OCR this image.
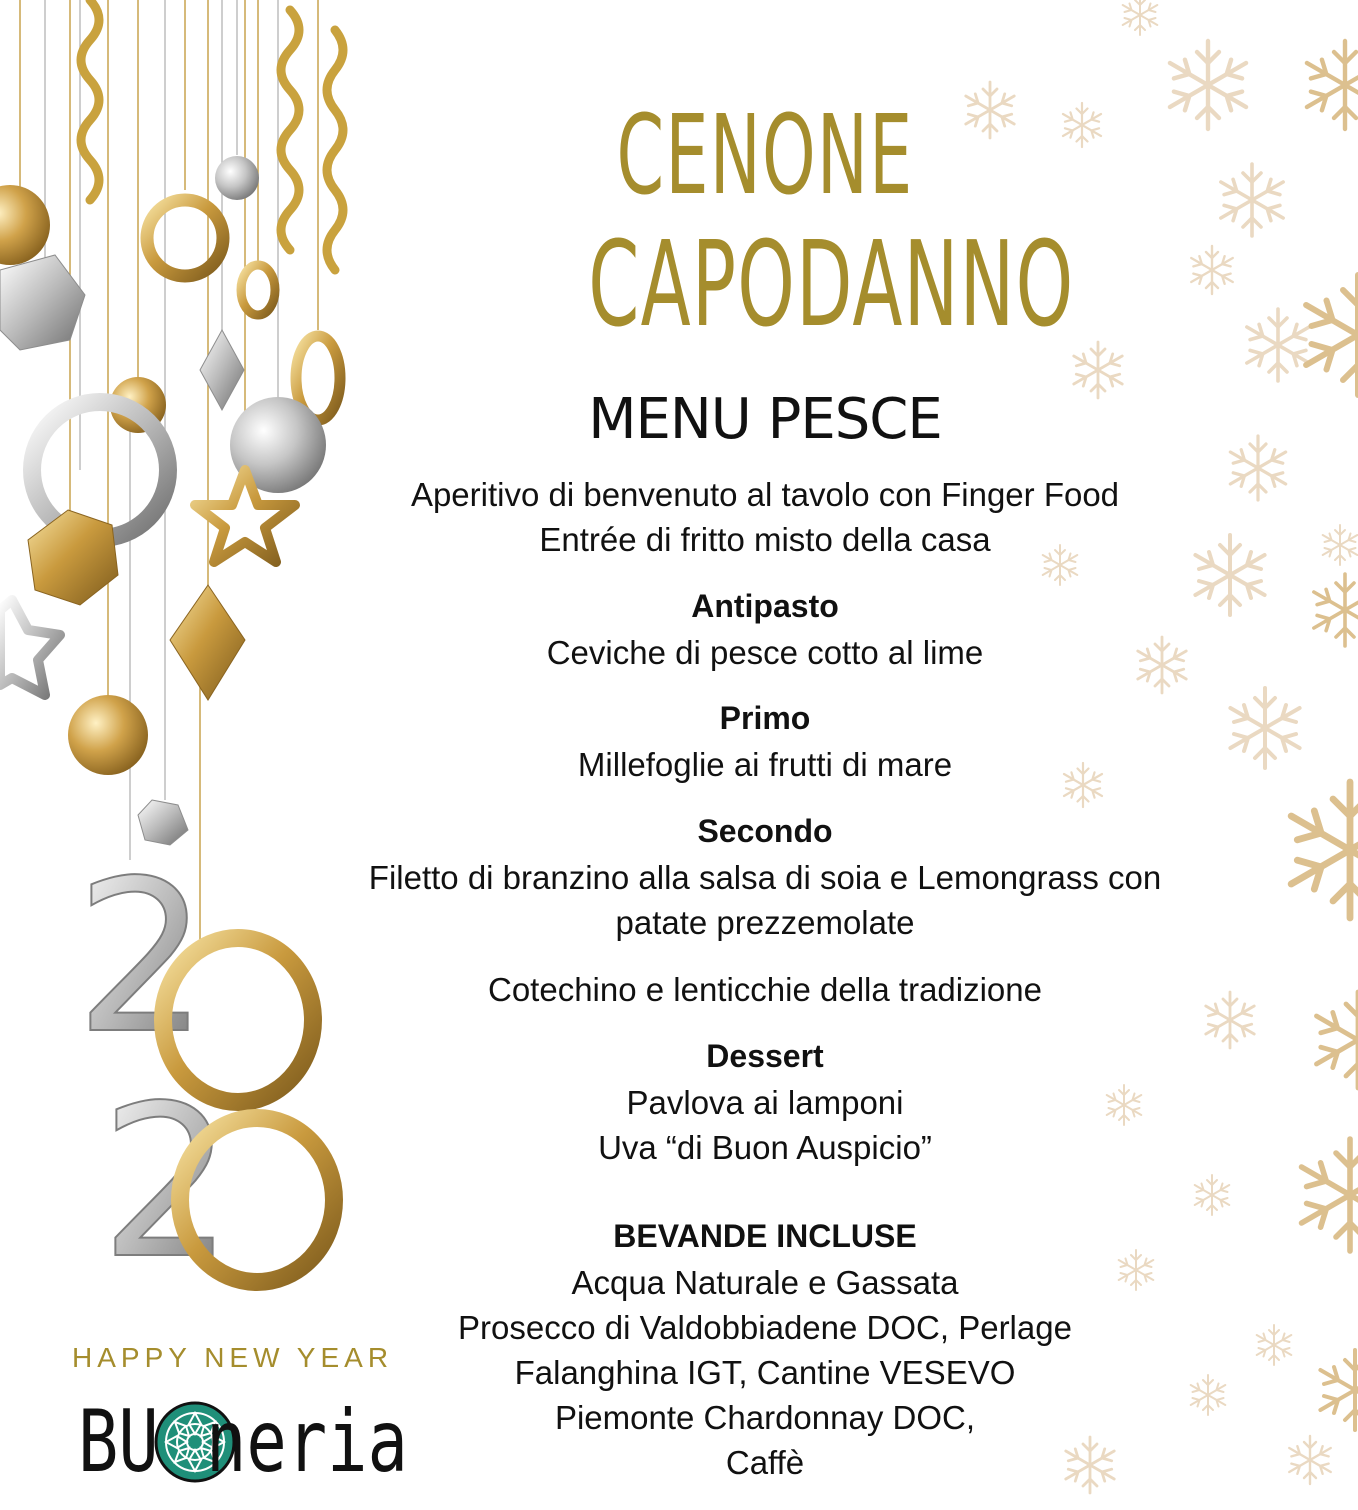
2
2
CENONE
CAPODANNO
MENU PESCE
Aperitivo di benvenuto al tavolo con Finger Food
Entrée di fritto misto della casa
Antipasto
Ceviche di pesce cotto al lime
Primo
Millefoglie ai frutti di mare
Secondo
Filetto di branzino alla salsa di soia e Lemongrass con
patate prezzemolate
Cotechino e lenticchie della tradizione
Dessert
Pavlova ai lamponi
Uva “di Buon Auspicio”
BEVANDE INCLUSE
Acqua Naturale e Gassata
Prosecco di Valdobbiadene DOC, Perlage
Falanghina IGT, Cantine VESEVO
Piemonte Chardonnay DOC,
Caffè
HAPPY NEW YEAR
BU neria
